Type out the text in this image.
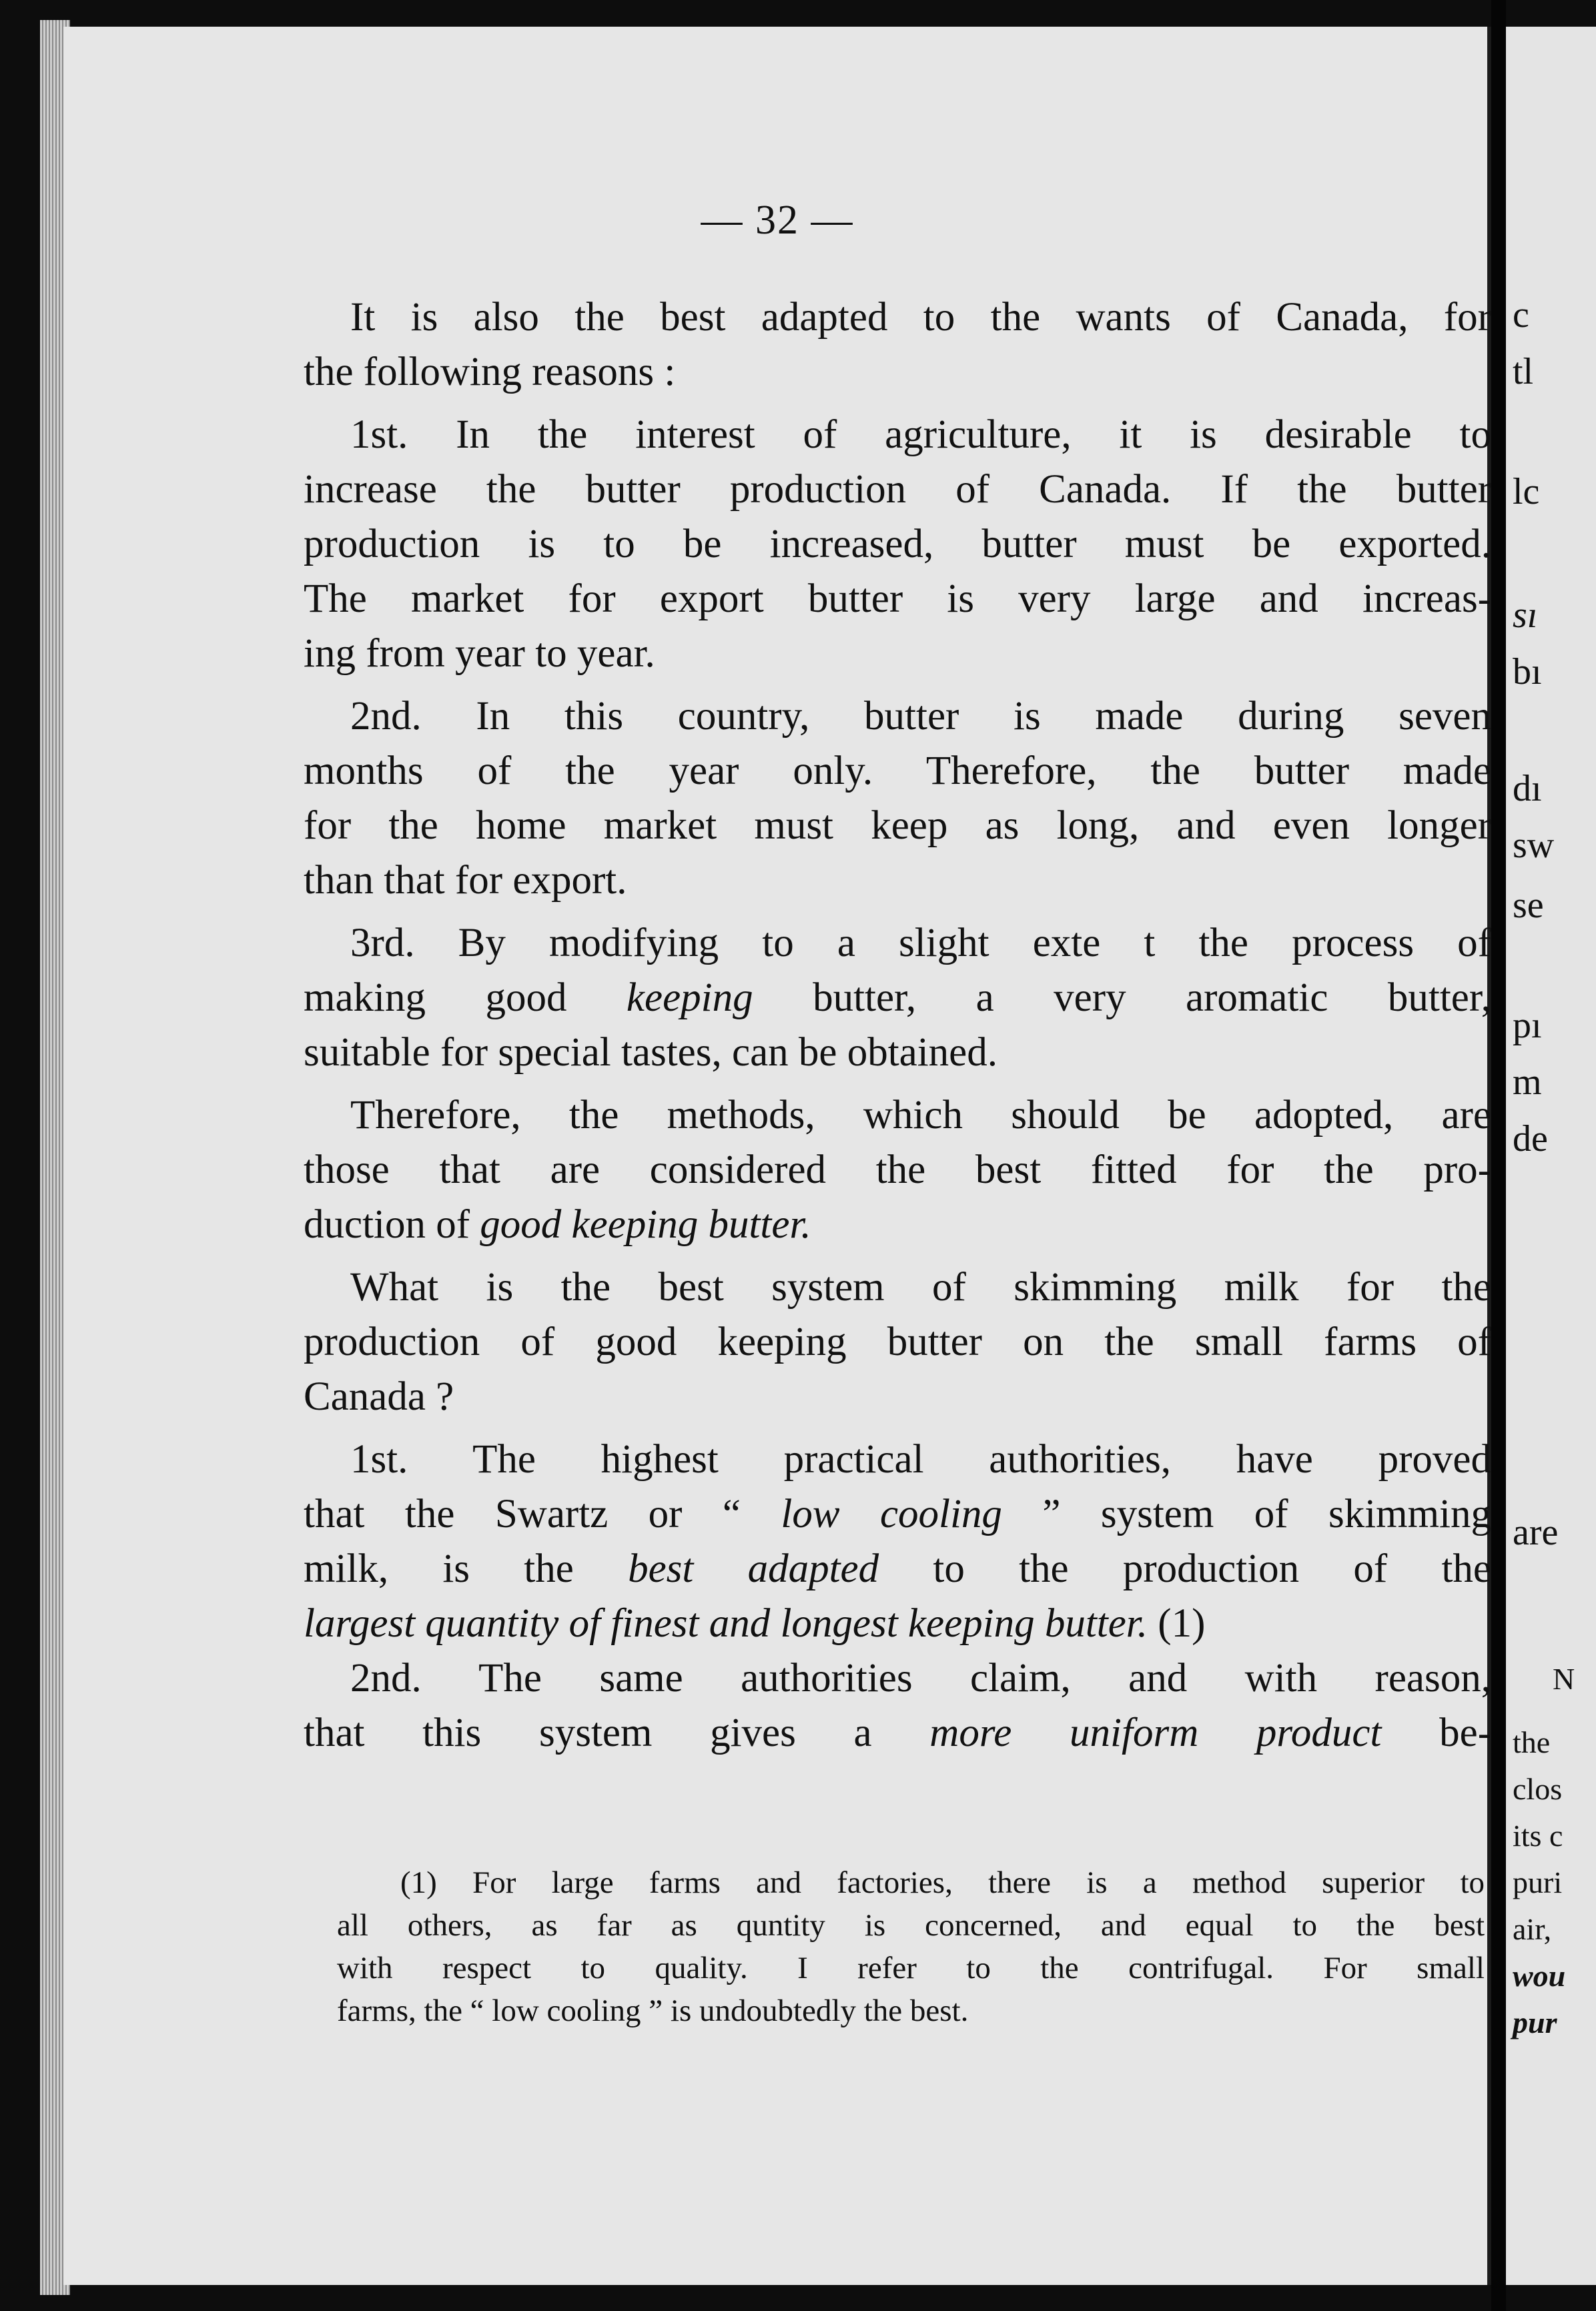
— 32 —
It is also the best adapted to the wants of Canada, for
the following reasons :
1st. In the interest of agriculture, it is desirable to
increase the butter production of Canada. If the butter
production is to be increased, butter must be exported.
The market for export butter is very large and increas-
ing from year to year.
2nd. In this country, butter is made during seven
months of the year only. Therefore, the butter made
for the home market must keep as long, and even longer
than that for export.
3rd. By modifying to a slight exte t the process of
making good keeping butter, a very aromatic butter,
suitable for special tastes, can be obtained.
Therefore, the methods, which should be adopted, are
those that are considered the best fitted for the pro-
duction of good keeping butter.
What is the best system of skimming milk for the
production of good keeping butter on the small farms of
Canada ?
1st. The highest practical authorities, have proved
that the Swartz or “ low cooling ” system of skimming
milk, is the best adapted to the production of the
largest quantity of finest and longest keeping butter. (1)
2nd. The same authorities claim, and with reason,
that this system gives a more uniform product be-
(1) For large farms and factories, there is a method superior to
all others, as far as quntity is concerned, and equal to the best
with respect to quality. I refer to the contrifugal. For small
farms, the “ low cooling ” is undoubtedly the best.
c
tl
lc
sı
bı
dı
sw
se
pı
m
de
are
N
the
clos
its c
puri
air,
wou
pur
